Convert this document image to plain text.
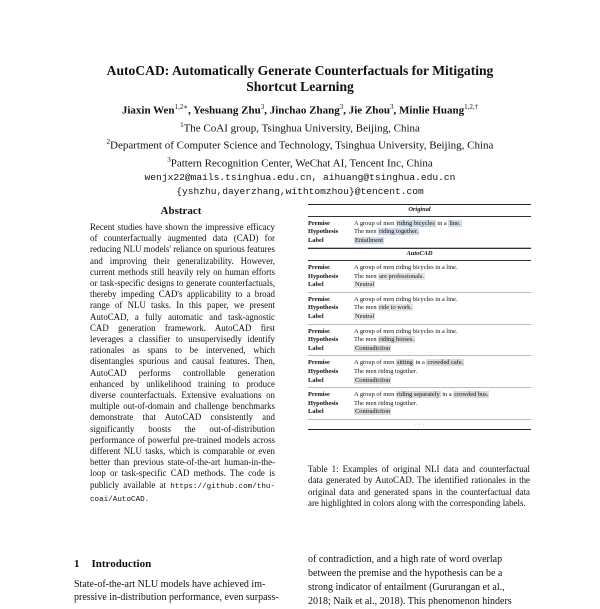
AutoCAD: Automatically Generate Counterfactuals for Mitigating
Shortcut Learning
Jiaxin Wen$^{1,2∗}$, Yeshuang Zhu$^3$, Jinchao Zhang$^3$, Jie Zhou$^3$, Minlie Huang$^{1,2,\dagger}$
$^1$The CoAI group, Tsinghua University, Beijing, China
$^2$Department of Computer Science and Technology, Tsinghua University, Beijing, China
$^3$Pattern Recognition Center, WeChat AI, Tencent Inc, China
wenjx22@mails.tsinghua.edu.cn, aihuang@tsinghua.edu.cn
{yshzhu,dayerzhang,withtomzhou}@tencent.com
Abstract
Recent studies have shown the impressive efficacy of counterfactually augmented data (CAD) for reducing NLU models' reliance on spurious features and improving their generalizability. However, current methods still heavily rely on human efforts or task-specific designs to generate counterfactuals, thereby impeding CAD's applicability to a broad range of NLU tasks. In this paper, we present AutoCAD, a fully automatic and task-agnostic CAD generation framework. AutoCAD first leverages a classifier to unsupervisedly identify rationales as spans to be intervened, which disentangles spurious and causal features. Then, AutoCAD performs controllable generation enhanced by unlikelihood training to produce diverse counterfactuals. Extensive evaluations on multiple out-of-domain and challenge benchmarks demonstrate that AutoCAD consistently and significantly boosts the out-of-distribution performance of powerful pre-trained models across different NLU tasks, which is comparable or even better than previous state-of-the-art human-in-the-loop or task-specific CAD methods. The code is publicly available at https://github.com/thu-coai/AutoCAD.
1 Introduction
State-of-the-art NLU models have achieved im-
pressive in-distribution performance, even surpass-
Original
Premise	A group of men riding bicycles in a line.
Hypothesis	The men riding together.
Label	Entailment
AutoCAD
Premise	A group of men riding bicycles in a line.
Hypothesis	The men are professionals.
Label	Neutral
Premise	A group of men riding bicycles in a line.
Hypothesis	The men ride to work.
Label	Neutral
Premise	A group of men riding bicycles in a line.
Hypothesis	The men riding horses.
Label	Contradiction
Premise	A group of men sitting in a crowded cafe.
Hypothesis	The men riding together.
Label	Contradiction
Premise	A group of men riding separately in a crowded bus.
Hypothesis	The men riding together.
Label	Contradiction
· · ·
Table 1: Examples of original NLI data and counterfactual data generated by AutoCAD. The identified rationales in the original data and generated spans in the counterfactual data are highlighted in colors along with the corresponding labels.
of contradiction, and a high rate of word overlap
between the premise and the hypothesis can be a
strong indicator of entailment (Gururangan et al.,
2018; Naik et al., 2018). This phenomenon hinders
